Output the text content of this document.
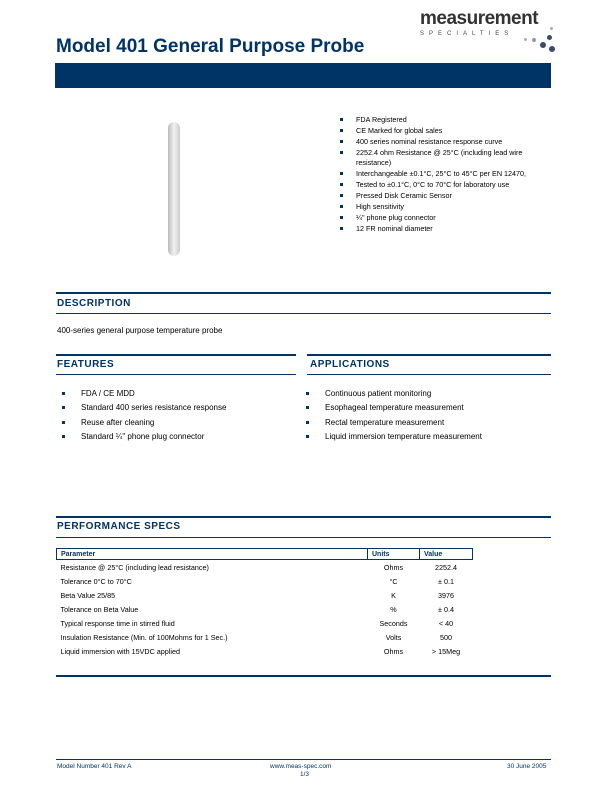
Model 401 General Purpose Probe
measurement
SPECIALTIES
FDA Registered
CE Marked for global sales
400 series nominal resistance response curve
2252.4 ohm Resistance @ 25°C (including lead wire resistance)
Interchangeable ±0.1°C, 25°C to 45°C per EN 12470,
Tested to ±0.1°C, 0°C to 70°C for laboratory use
Pressed Disk Ceramic Sensor
High sensitivity
¼" phone plug connector
12 FR nominal diameter
DESCRIPTION
400-series general purpose temperature probe
FEATURES	APPLICATIONS
FDA / CE MDD
Standard 400 series resistance response
Reuse after cleaning
Standard ¼" phone plug connector
Continuous patient monitoring
Esophageal temperature measurement
Rectal temperature measurement
Liquid immersion temperature measurement
PERFORMANCE SPECS
Parameter	Units	Value
Resistance @ 25°C (including lead resistance)	Ohms	2252.4
Tolerance 0°C to 70°C	°C	± 0.1
Beta Value 25/85	K	3976
Tolerance on Beta Value	%	± 0.4
Typical response time in stirred fluid	Seconds	< 40
Insulation Resistance (Min. of 100Mohms for 1 Sec.)	Volts	500
Liquid immersion with 15VDC applied	Ohms	> 15Meg
Model Number 401 Rev A	www.meas-spec.com
1/3
30 June 2005
